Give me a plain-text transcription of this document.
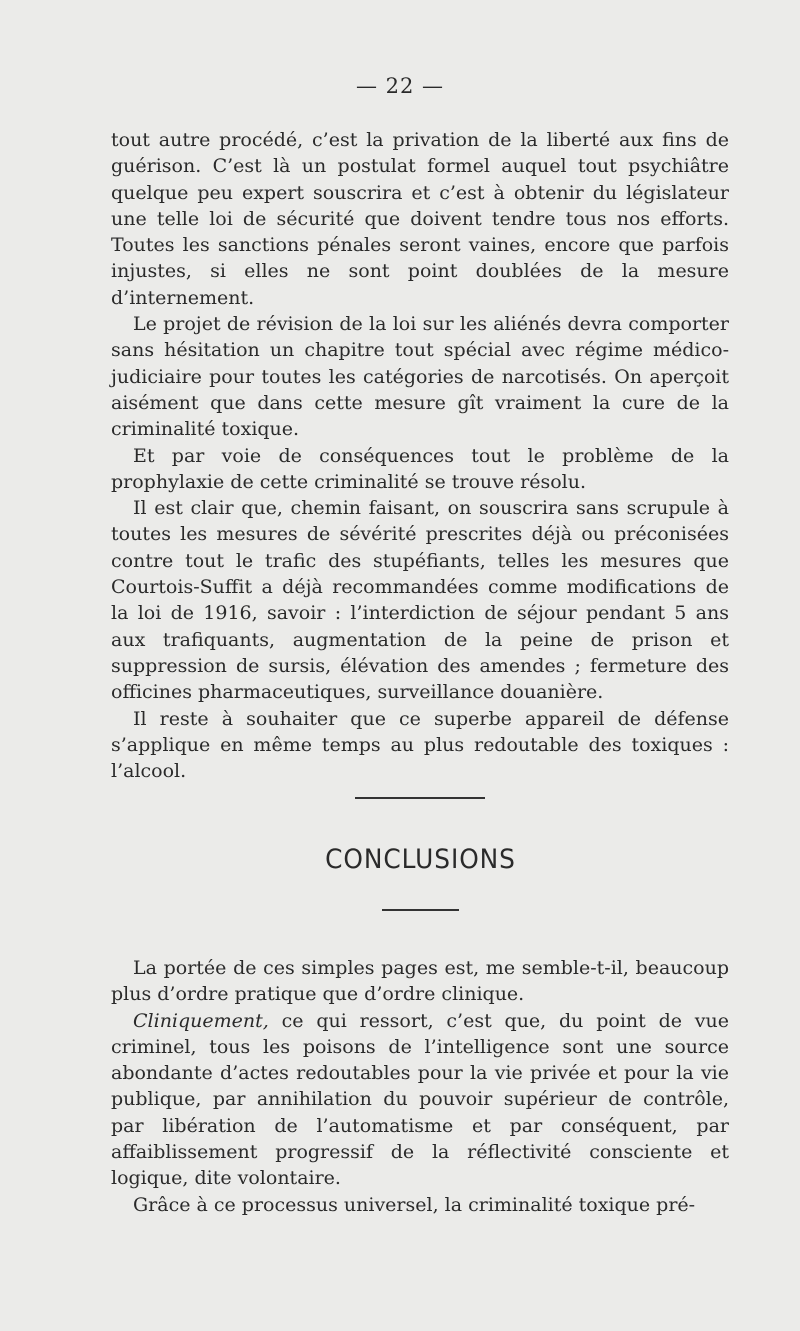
— 22 —

tout autre procédé, c’est la privation de la liberté aux fins de guérison. C’est là un postulat formel auquel tout psychiâtre quelque peu expert souscrira et c’est à obtenir du législateur une telle loi de sécurité que doivent tendre tous nos efforts. Toutes les sanctions pénales seront vaines, encore que parfois injustes, si elles ne sont point doublées de la mesure d’internement.

Le projet de révision de la loi sur les aliénés devra comporter sans hésitation un chapitre tout spécial avec régime médico-judiciaire pour toutes les catégories de narcotisés. On aperçoit aisément que dans cette mesure gît vraiment la cure de la criminalité toxique.

Et par voie de conséquences tout le problème de la prophylaxie de cette criminalité se trouve résolu.

Il est clair que, chemin faisant, on souscrira sans scrupule à toutes les mesures de sévérité prescrites déjà ou préconisées contre tout le trafic des stupéfiants, telles les mesures que Courtois-Suffit a déjà recommandées comme modifications de la loi de 1916, savoir : l’interdiction de séjour pendant 5 ans aux trafiquants, augmentation de la peine de prison et suppression de sursis, élévation des amendes ; fermeture des officines pharmaceutiques, surveillance douanière.

Il reste à souhaiter que ce superbe appareil de défense s’applique en même temps au plus redoutable des toxiques : l’alcool.

CONCLUSIONS

La portée de ces simples pages est, me semble-t-il, beaucoup plus d’ordre pratique que d’ordre clinique.

Cliniquement, ce qui ressort, c’est que, du point de vue criminel, tous les poisons de l’intelligence sont une source abondante d’actes redoutables pour la vie privée et pour la vie publique, par annihilation du pouvoir supérieur de contrôle, par libération de l’automatisme et par conséquent, par affaiblissement progressif de la réflectivité consciente et logique, dite volontaire.

Grâce à ce processus universel, la criminalité toxique pré-
